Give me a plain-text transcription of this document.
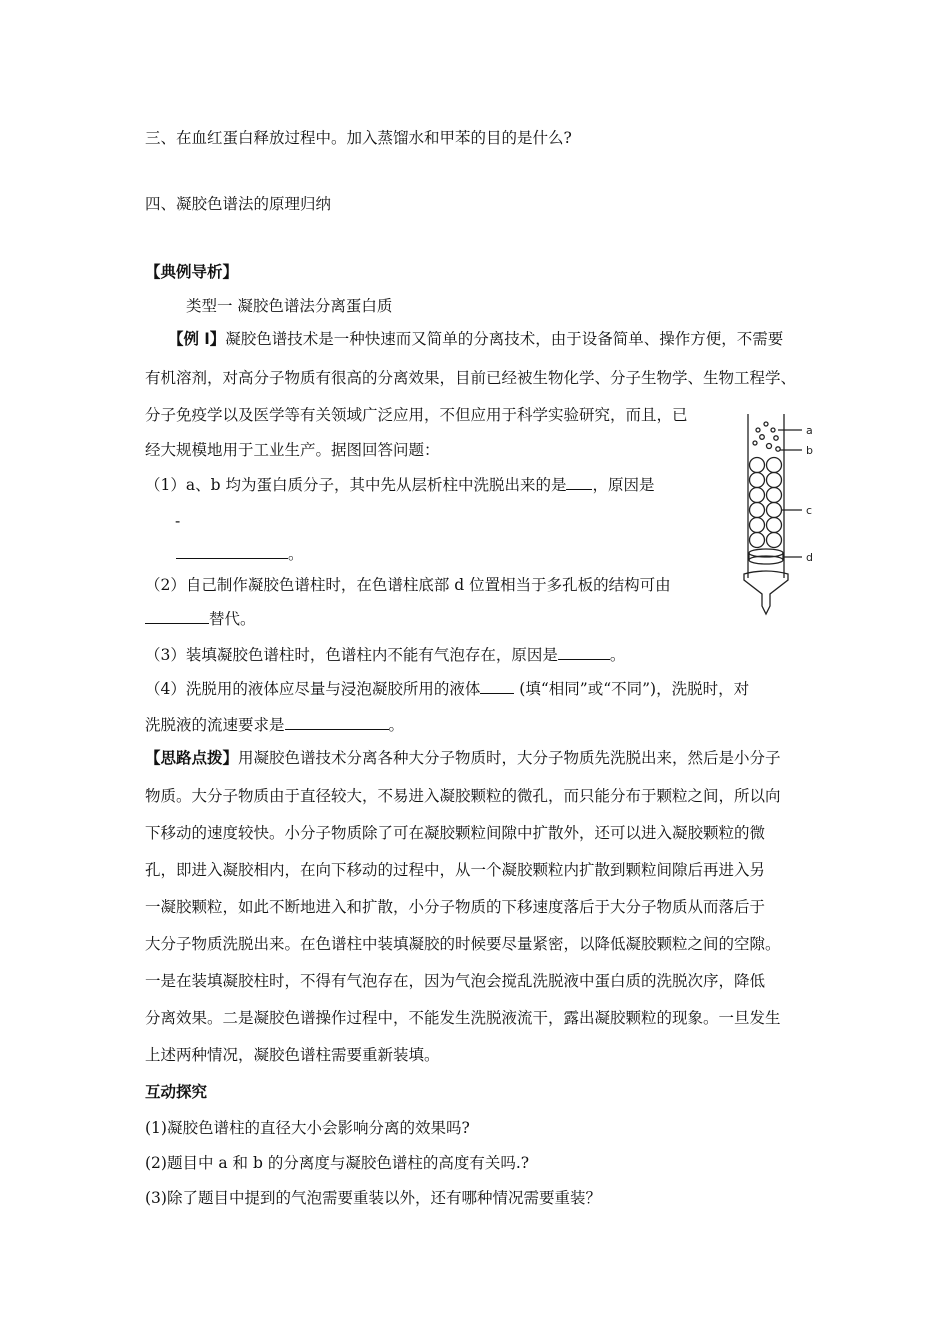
三、在血红蛋白释放过程中。加入蒸馏水和甲苯的目的是什么?
四、凝胶色谱法的原理归纳
【典例导析】
类型一 凝胶色谱法分离蛋白质
【例 l】凝胶色谱技术是一种快速而又简单的分离技术，由于设备简单、操作方便，不需要
有机溶剂，对高分子物质有很高的分离效果，目前已经被生物化学、分子生物学、生物工程学、
分子免疫学以及医学等有关领域广泛应用，不但应用于科学实验研究，而且，已
经大规模地用于工业生产。据图回答问题：
（1）a、b 均为蛋白质分子，其中先从层析柱中洗脱出来的是 ，原因是
-
。
（2）自己制作凝胶色谱柱时，在色谱柱底部 d 位置相当于多孔板的结构可由
替代。
（3）装填凝胶色谱柱时，色谱柱内不能有气泡存在，原因是	。
（4）洗脱用的液体应尽量与浸泡凝胶所用的液体 (填“相同”或“不同”)，洗脱时，对
洗脱液的流速要求是	。
【思路点拨】用凝胶色谱技术分离各种大分子物质时，大分子物质先洗脱出来，然后是小分子
物质。大分子物质由于直径较大，不易进入凝胶颗粒的微孔，而只能分布于颗粒之间，所以向
下移动的速度较快。小分子物质除了可在凝胶颗粒间隙中扩散外，还可以进入凝胶颗粒的微
孔，即进入凝胶相内，在向下移动的过程中，从一个凝胶颗粒内扩散到颗粒间隙后再进入另
一凝胶颗粒，如此不断地进入和扩散，小分子物质的下移速度落后于大分子物质从而落后于
大分子物质洗脱出来。在色谱柱中装填凝胶的时候要尽量紧密，以降低凝胶颗粒之间的空隙。
一是在装填凝胶柱时，不得有气泡存在，因为气泡会搅乱洗脱液中蛋白质的洗脱次序，降低
分离效果。二是凝胶色谱操作过程中，不能发生洗脱液流干，露出凝胶颗粒的现象。一旦发生
上述两种情况，凝胶色谱柱需要重新装填。
互动探究
(1)凝胶色谱柱的直径大小会影响分离的效果吗?
(2)题目中 a 和 b 的分离度与凝胶色谱柱的高度有关吗.?
(3)除了题目中提到的气泡需要重装以外，还有哪种情况需要重装？
a
b
c
d
